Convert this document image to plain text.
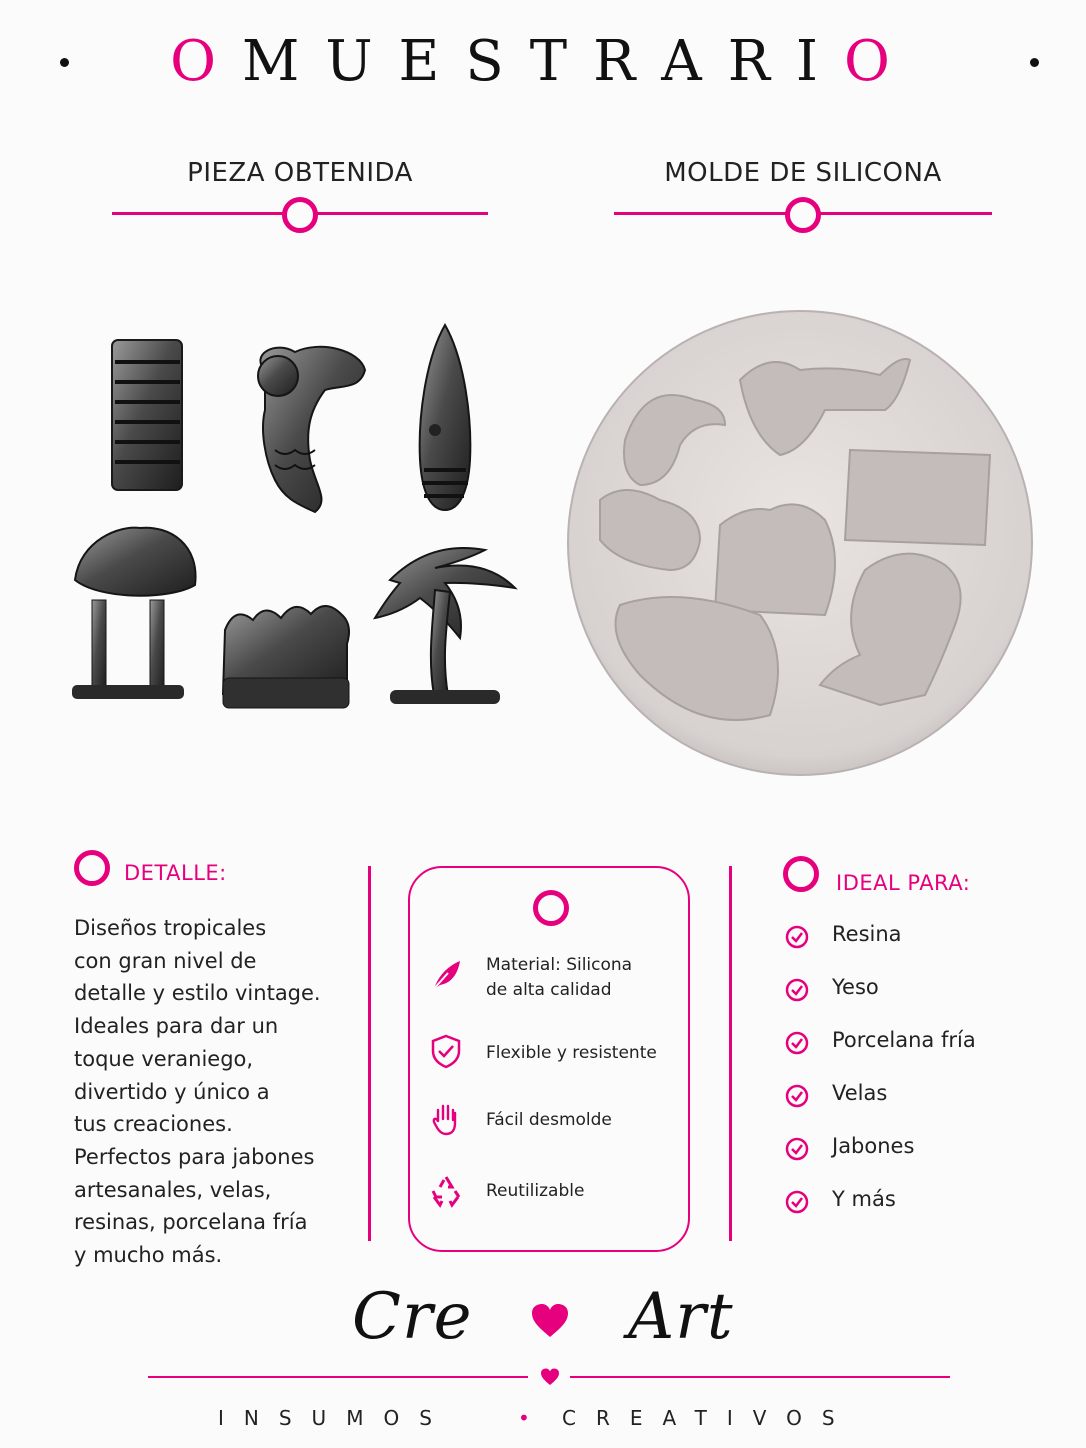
OMUESTRARIO
PIEZA OBTENIDA	MOLDE DE SILICONA
DETALLE:
Diseños tropicales
con gran nivel de
detalle y estilo vintage.
Ideales para dar un
toque veraniego,
divertido y único a
tus creaciones.
Perfectos para jabones
artesanales, velas,
resinas, porcelana fría
y mucho más.
Material: Silicona
de alta calidad
Flexible y resistente
Fácil desmolde
Reutilizable
IDEAL PARA:
Resina
Yeso
Porcelana fría
Velas
Jabones
Y más
Cre Art
INSUMOS	• CREATIVOS
